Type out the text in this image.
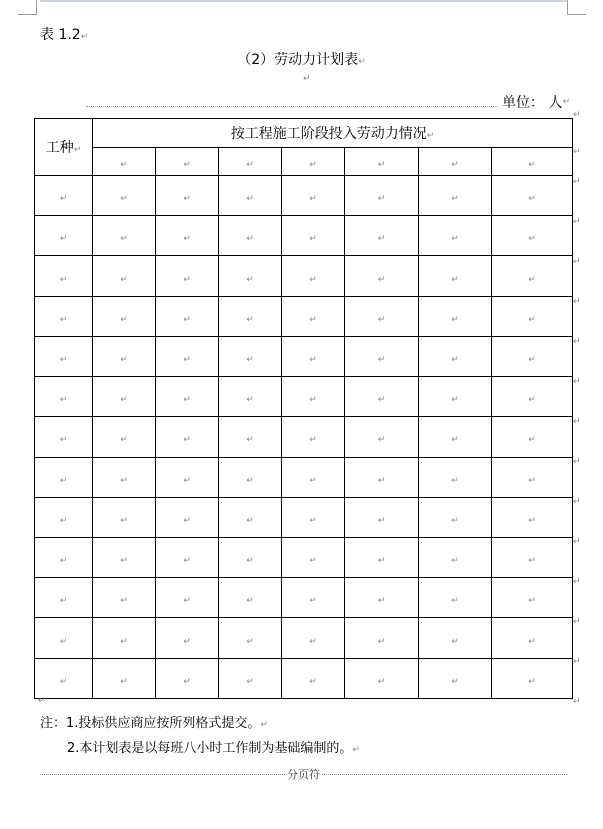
表 1.2↵
（2）劳动力计划表↵
↵
单位： 人 ↵
工种↵	按工程施工阶段投入劳动力情况↵						
	↵	↵	↵	↵	↵	↵	↵
↵	↵	↵	↵	↵	↵	↵	↵
↵	↵	↵	↵	↵	↵	↵	↵
↵	↵	↵	↵	↵	↵	↵	↵
↵	↵	↵	↵	↵	↵	↵	↵
↵	↵	↵	↵	↵	↵	↵	↵
↵	↵	↵	↵	↵	↵	↵	↵
↵	↵	↵	↵	↵	↵	↵	↵
↵	↵	↵	↵	↵	↵	↵	↵
↵	↵	↵	↵	↵	↵	↵	↵
↵	↵	↵	↵	↵	↵	↵	↵
↵	↵	↵	↵	↵	↵	↵	↵
↵	↵	↵	↵	↵	↵	↵	↵
↵	↵	↵	↵	↵	↵	↵	↵
↵
↵
↵
↵
↵
↵
↵
↵
↵
↵
↵
↵
↵
↵
↵
↵
↵
注：1.投标供应商应按所列格式提交。↵
2.本计划表是以每班八小时工作制为基础编制的。↵
分页符
